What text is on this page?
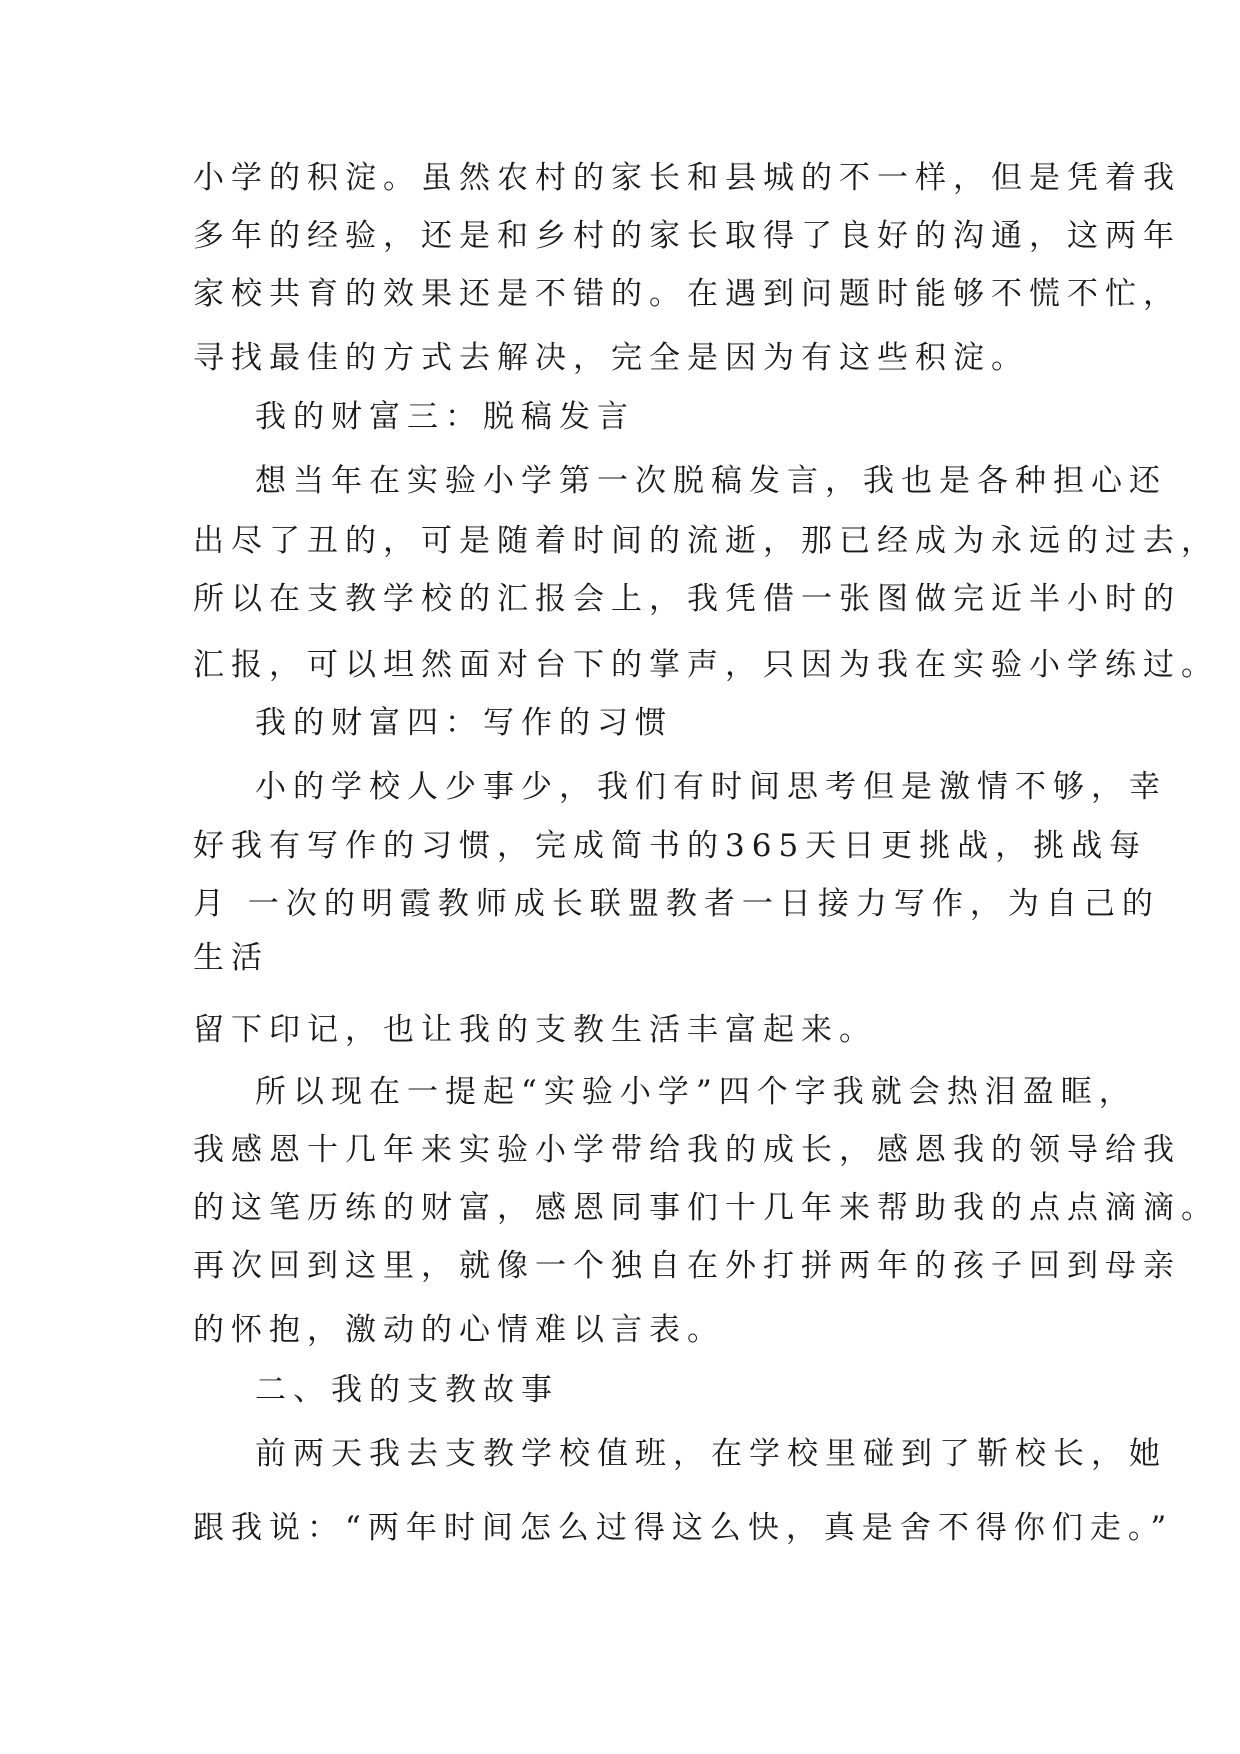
小学的积淀。虽然农村的家长和县城的不一样，但是凭着我
多年的经验，还是和乡村的家长取得了良好的沟通，这两年
家校共育的效果还是不错的。在遇到问题时能够不慌不忙，
寻找最佳的方式去解决，完全是因为有这些积淀。
我的财富三：脱稿发言
想当年在实验小学第一次脱稿发言，我也是各种担心还
出尽了丑的，可是随着时间的流逝，那已经成为永远的过去，
所以在支教学校的汇报会上，我凭借一张图做完近半小时的
汇报，可以坦然面对台下的掌声，只因为我在实验小学练过。
我的财富四：写作的习惯
小的学校人少事少，我们有时间思考但是激情不够，幸
好我有写作的习惯，完成简书的365天日更挑战，挑战每
月 一次的明霞教师成长联盟教者一日接力写作，为自己的
生活
留下印记，也让我的支教生活丰富起来。
所以现在一提起“实验小学”四个字我就会热泪盈眶，
我感恩十几年来实验小学带给我的成长，感恩我的领导给我
的这笔历练的财富，感恩同事们十几年来帮助我的点点滴滴。
再次回到这里，就像一个独自在外打拼两年的孩子回到母亲
的怀抱，激动的心情难以言表。
二、我的支教故事
前两天我去支教学校值班，在学校里碰到了靳校长，她
跟我说：“两年时间怎么过得这么快，真是舍不得你们走。”
